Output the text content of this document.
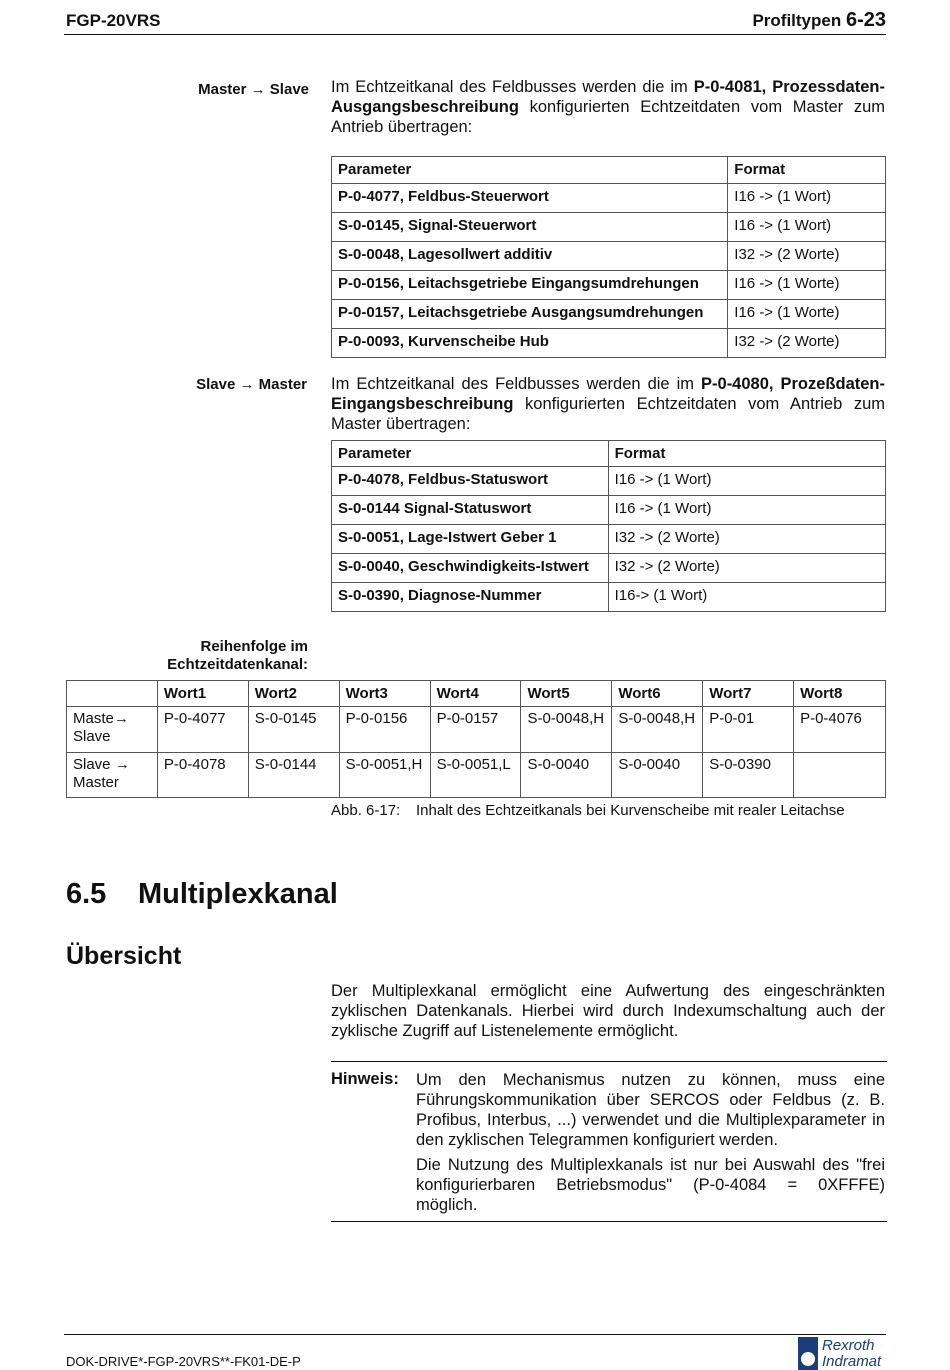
FGP-20VRS	Profiltypen 6-23
Master → Slave Im Echtzeitkanal des Feldbusses werden die im P-0-4081, Prozessdaten-Ausgangsbeschreibung konfigurierten Echtzeitdaten vom Master zum Antrieb übertragen:
Parameter	Format
P-0-4077, Feldbus-Steuerwort	I16 -> (1 Wort)
S-0-0145, Signal-Steuerwort	I16 -> (1 Wort)
S-0-0048, Lagesollwert additiv	I32 -> (2 Worte)
P-0-0156, Leitachsgetriebe Eingangsumdrehungen	I16 -> (1 Worte)
P-0-0157, Leitachsgetriebe Ausgangsumdrehungen	I16 -> (1 Worte)
P-0-0093, Kurvenscheibe Hub	I32 -> (2 Worte)
Slave → Master Im Echtzeitkanal des Feldbusses werden die im P-0-4080, Prozeßdaten-Eingangsbeschreibung konfigurierten Echtzeitdaten vom Antrieb zum Master übertragen:
Parameter	Format
P-0-4078, Feldbus-Statuswort	I16 -> (1 Wort)
S-0-0144 Signal-Statuswort	I16 -> (1 Wort)
S-0-0051, Lage-Istwert Geber 1	I32 -> (2 Worte)
S-0-0040, Geschwindigkeits-Istwert	I32 -> (2 Worte)
S-0-0390, Diagnose-Nummer	I16-> (1 Wort)
Reihenfolge im
Echtzeitdatenkanal:
	Wort1	Wort2	Wort3	Wort4	Wort5	Wort6	Wort7	Wort8

Maste→
Slave	P-0-4077	S-0-0145	P-0-0156	P-0-0157	S-0-0048,H	S-0-0048,H	P-0-01	P-0-4076

Slave →
Master	P-0-4078	S-0-0144	S-0-0051,H	S-0-0051,L	S-0-0040	S-0-0040	S-0-0390	
Abb. 6-17: Inhalt des Echtzeitkanals bei Kurvenscheibe mit realer Leitachse
6.5 Multiplexkanal
Übersicht
Der Multiplexkanal ermöglicht eine Aufwertung des eingeschränkten zyklischen Datenkanals. Hierbei wird durch Indexumschaltung auch der zyklische Zugriff auf Listenelemente ermöglicht.
Hinweis: Um den Mechanismus nutzen zu können, muss eine Führungskommunikation über SERCOS oder Feldbus (z. B. Profibus, Interbus, ...) verwendet und die Multiplexparameter in den zyklischen Telegrammen konfiguriert werden.
Die Nutzung des Multiplexkanals ist nur bei Auswahl des "frei konfigurierbaren Betriebsmodus" (P-0-4084 = 0XFFFE) möglich.
DOK-DRIVE*-FGP-20VRS**-FK01-DE-P
Rexroth
Indramat
